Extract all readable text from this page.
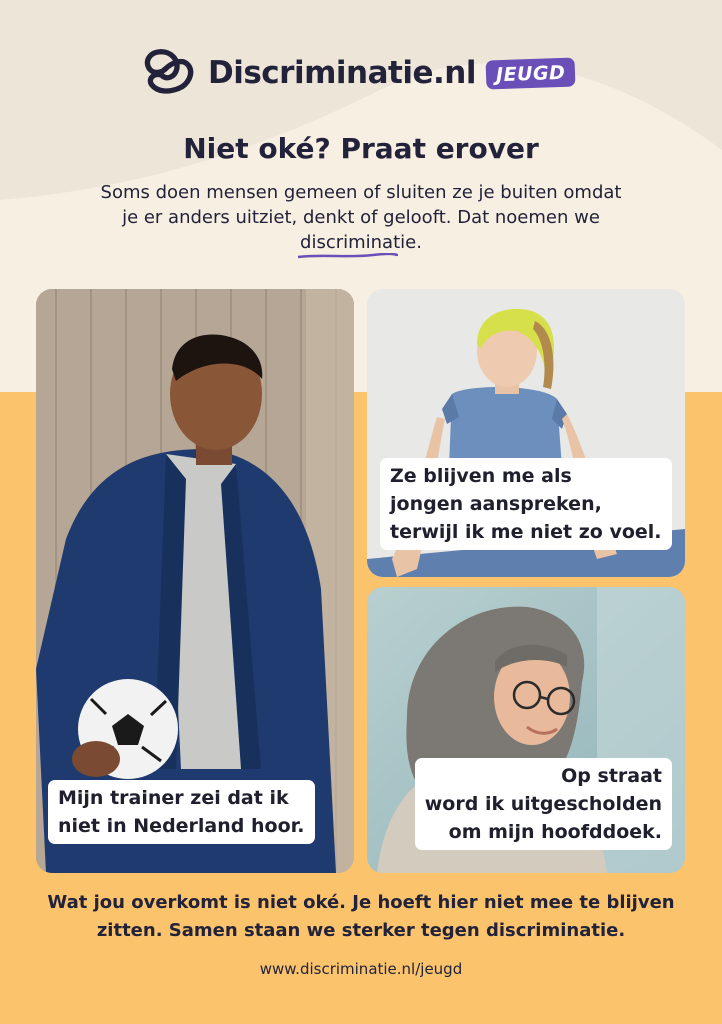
Discriminatie.nl	JEUGD
Niet oké? Praat erover
Soms doen mensen gemeen of sluiten ze je buiten omdat je er anders uitziet, denkt of gelooft. Dat noemen we discriminatie
.
Mijn trainer zei dat ik
niet in Nederland hoor.
Ze blijven me als
jongen aanspreken,
terwijl ik me niet zo voel.
Op straat
word ik uitgescholden
om mijn hoofddoek.
Wat jou overkomt is niet oké. Je hoeft hier niet mee te blijven zitten. Samen staan we sterker tegen discriminatie.
www.discriminatie.nl/jeugd
